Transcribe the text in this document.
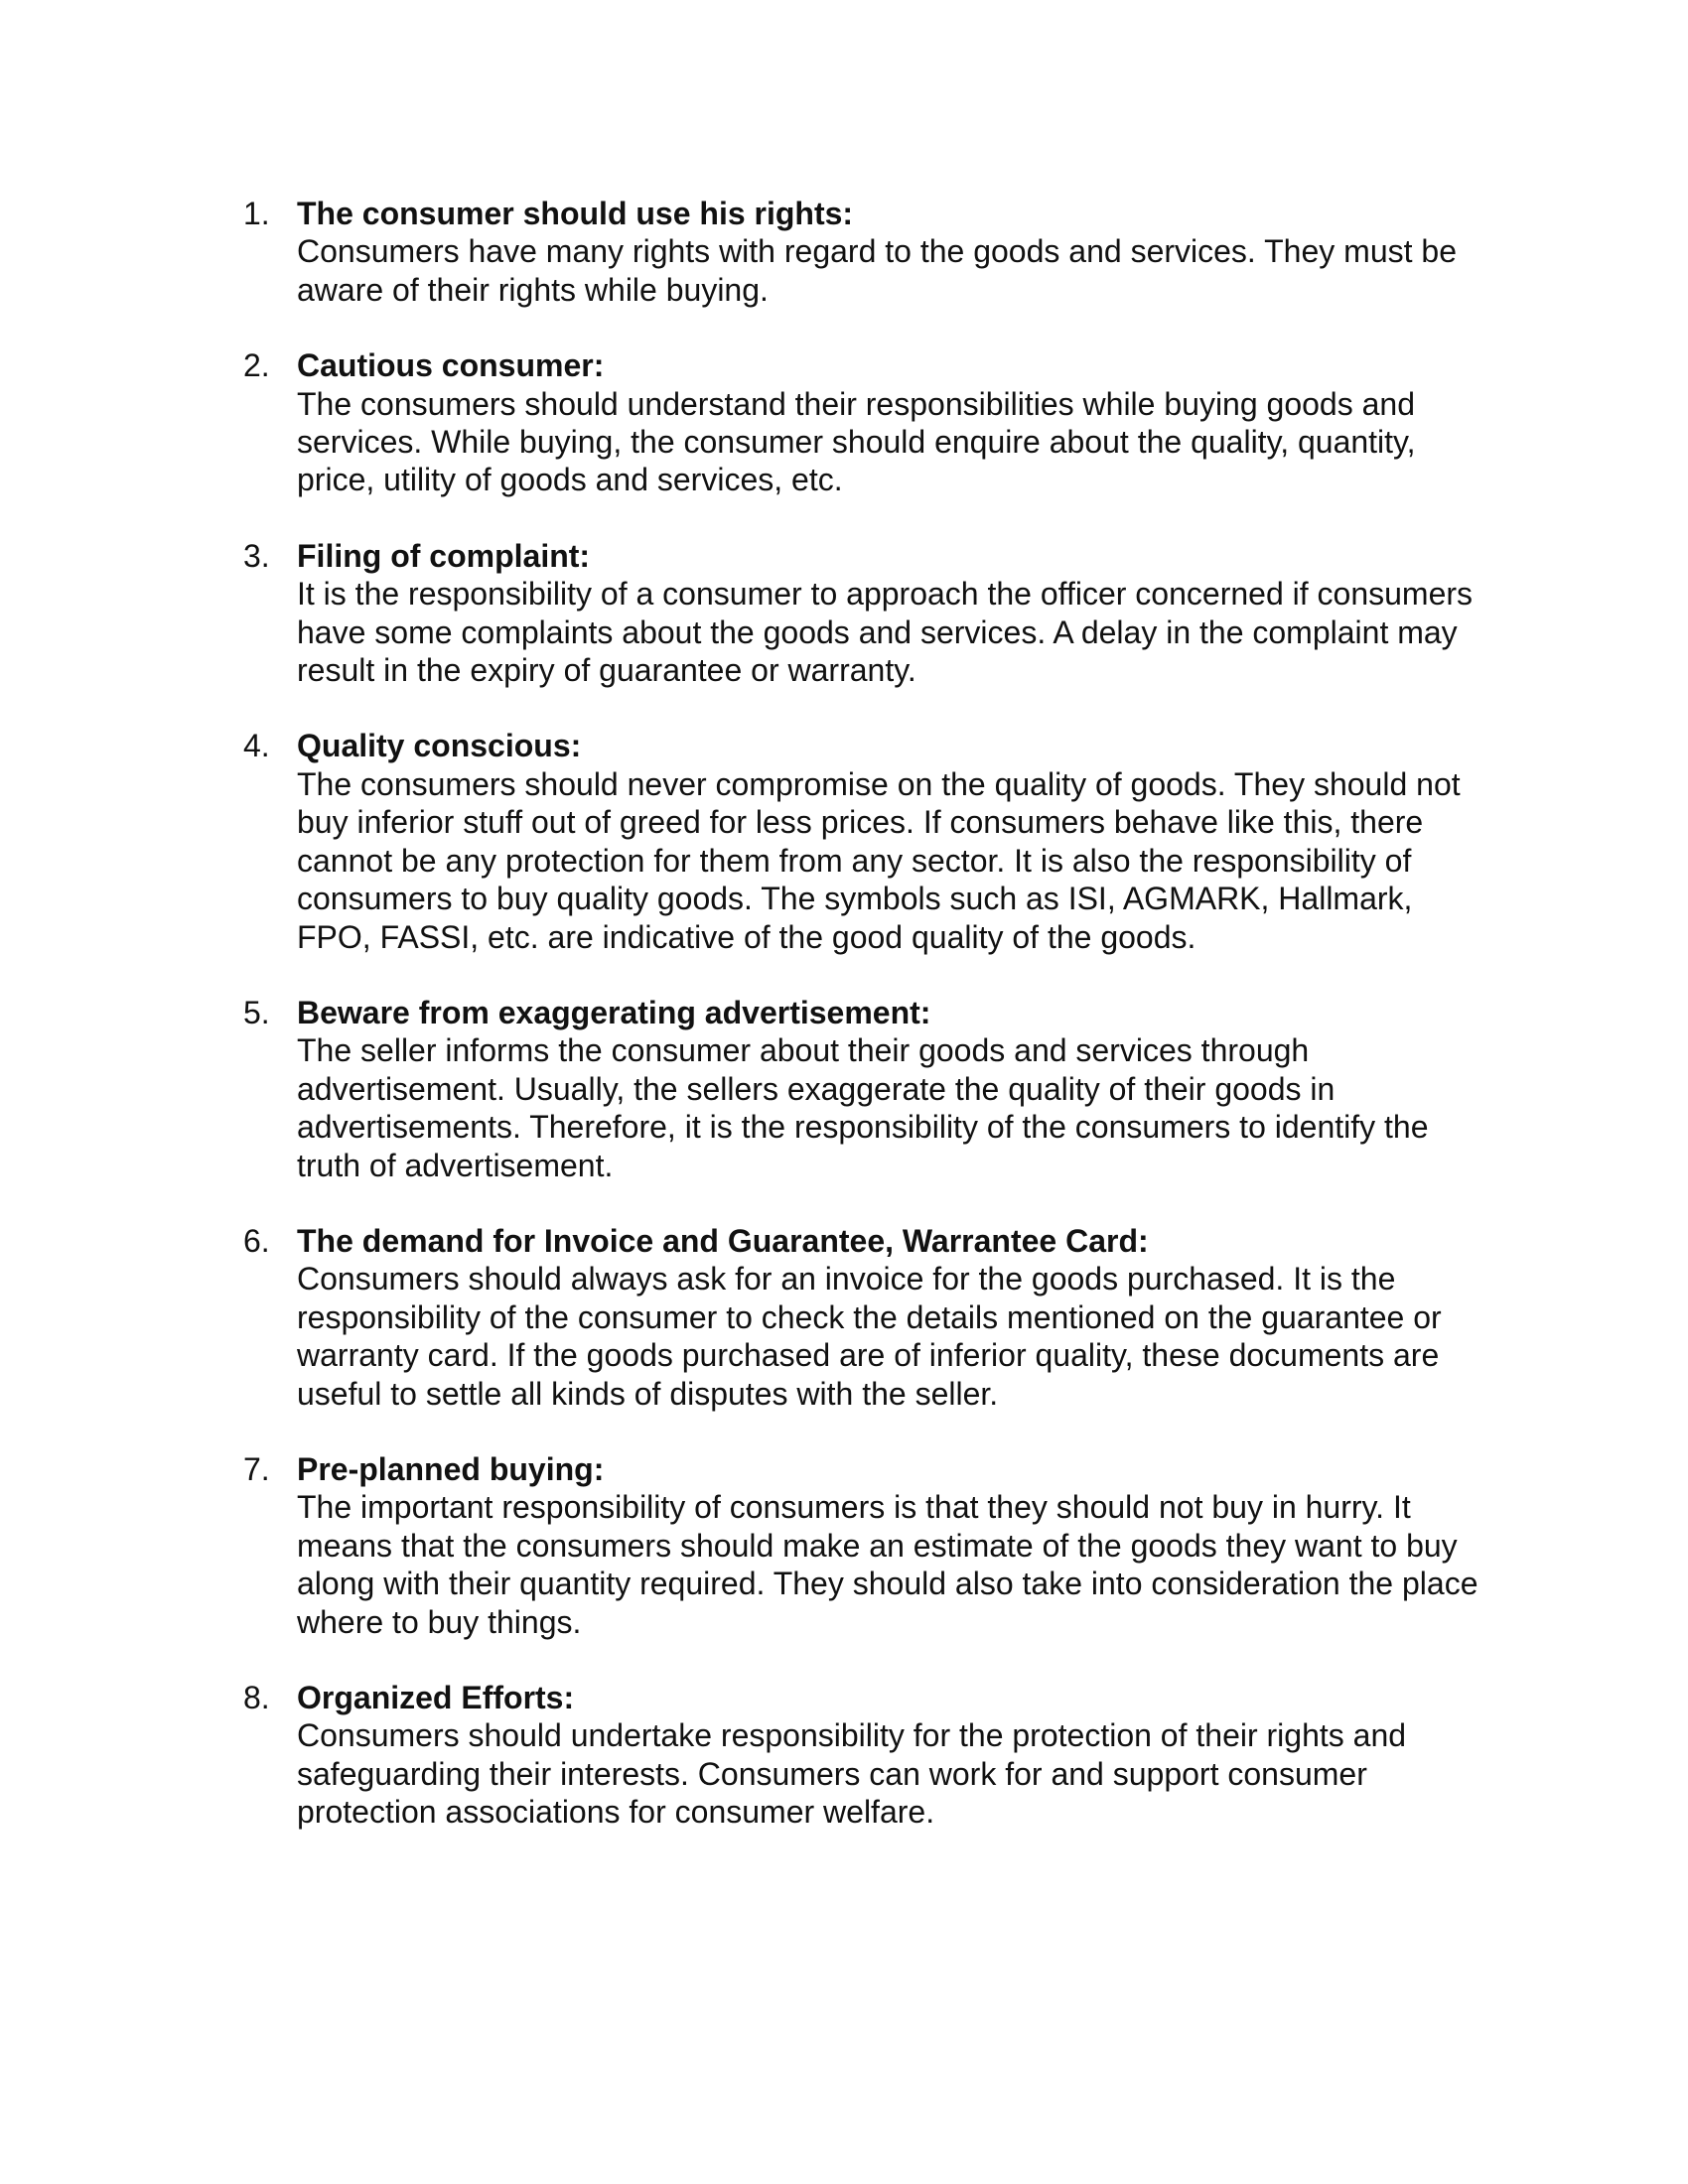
1. The consumer should use his rights:
Consumers have many rights with regard to the goods and services. They must be aware of their rights while buying.
2. Cautious consumer:
The consumers should understand their responsibilities while buying goods and services. While buying, the consumer should enquire about the quality, quantity, price, utility of goods and services, etc.
3. Filing of complaint:
It is the responsibility of a consumer to approach the officer concerned if consumers have some complaints about the goods and services. A delay in the complaint may result in the expiry of guarantee or warranty.
4. Quality conscious:
The consumers should never compromise on the quality of goods. They should not buy inferior stuff out of greed for less prices. If consumers behave like this, there cannot be any protection for them from any sector. It is also the responsibility of consumers to buy quality goods. The symbols such as ISI, AGMARK, Hallmark, FPO, FASSI, etc. are indicative of the good quality of the goods.
5. Beware from exaggerating advertisement:
The seller informs the consumer about their goods and services through advertisement. Usually, the sellers exaggerate the quality of their goods in advertisements. Therefore, it is the responsibility of the consumers to identify the truth of advertisement.
6. The demand for Invoice and Guarantee, Warrantee Card:
Consumers should always ask for an invoice for the goods purchased. It is the responsibility of the consumer to check the details mentioned on the guarantee or warranty card. If the goods purchased are of inferior quality, these documents are useful to settle all kinds of disputes with the seller.
7. Pre-planned buying:
The important responsibility of consumers is that they should not buy in hurry. It means that the consumers should make an estimate of the goods they want to buy along with their quantity required. They should also take into consideration the place where to buy things.
8. Organized Efforts:
Consumers should undertake responsibility for the protection of their rights and safeguarding their interests. Consumers can work for and support consumer protection associations for consumer welfare.
